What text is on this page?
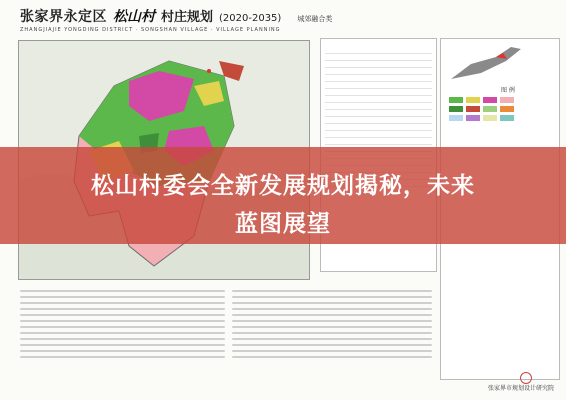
张家界永定区 松山村 村庄规划 (2020-2035) 城郊融合类
ZHANGJIAJIE YONGDING DISTRICT · SONGSHAN VILLAGE · VILLAGE PLANNING
图 例
张家界市规划设计研究院
松山村委会全新发展规划揭秘，未来
蓝图展望
